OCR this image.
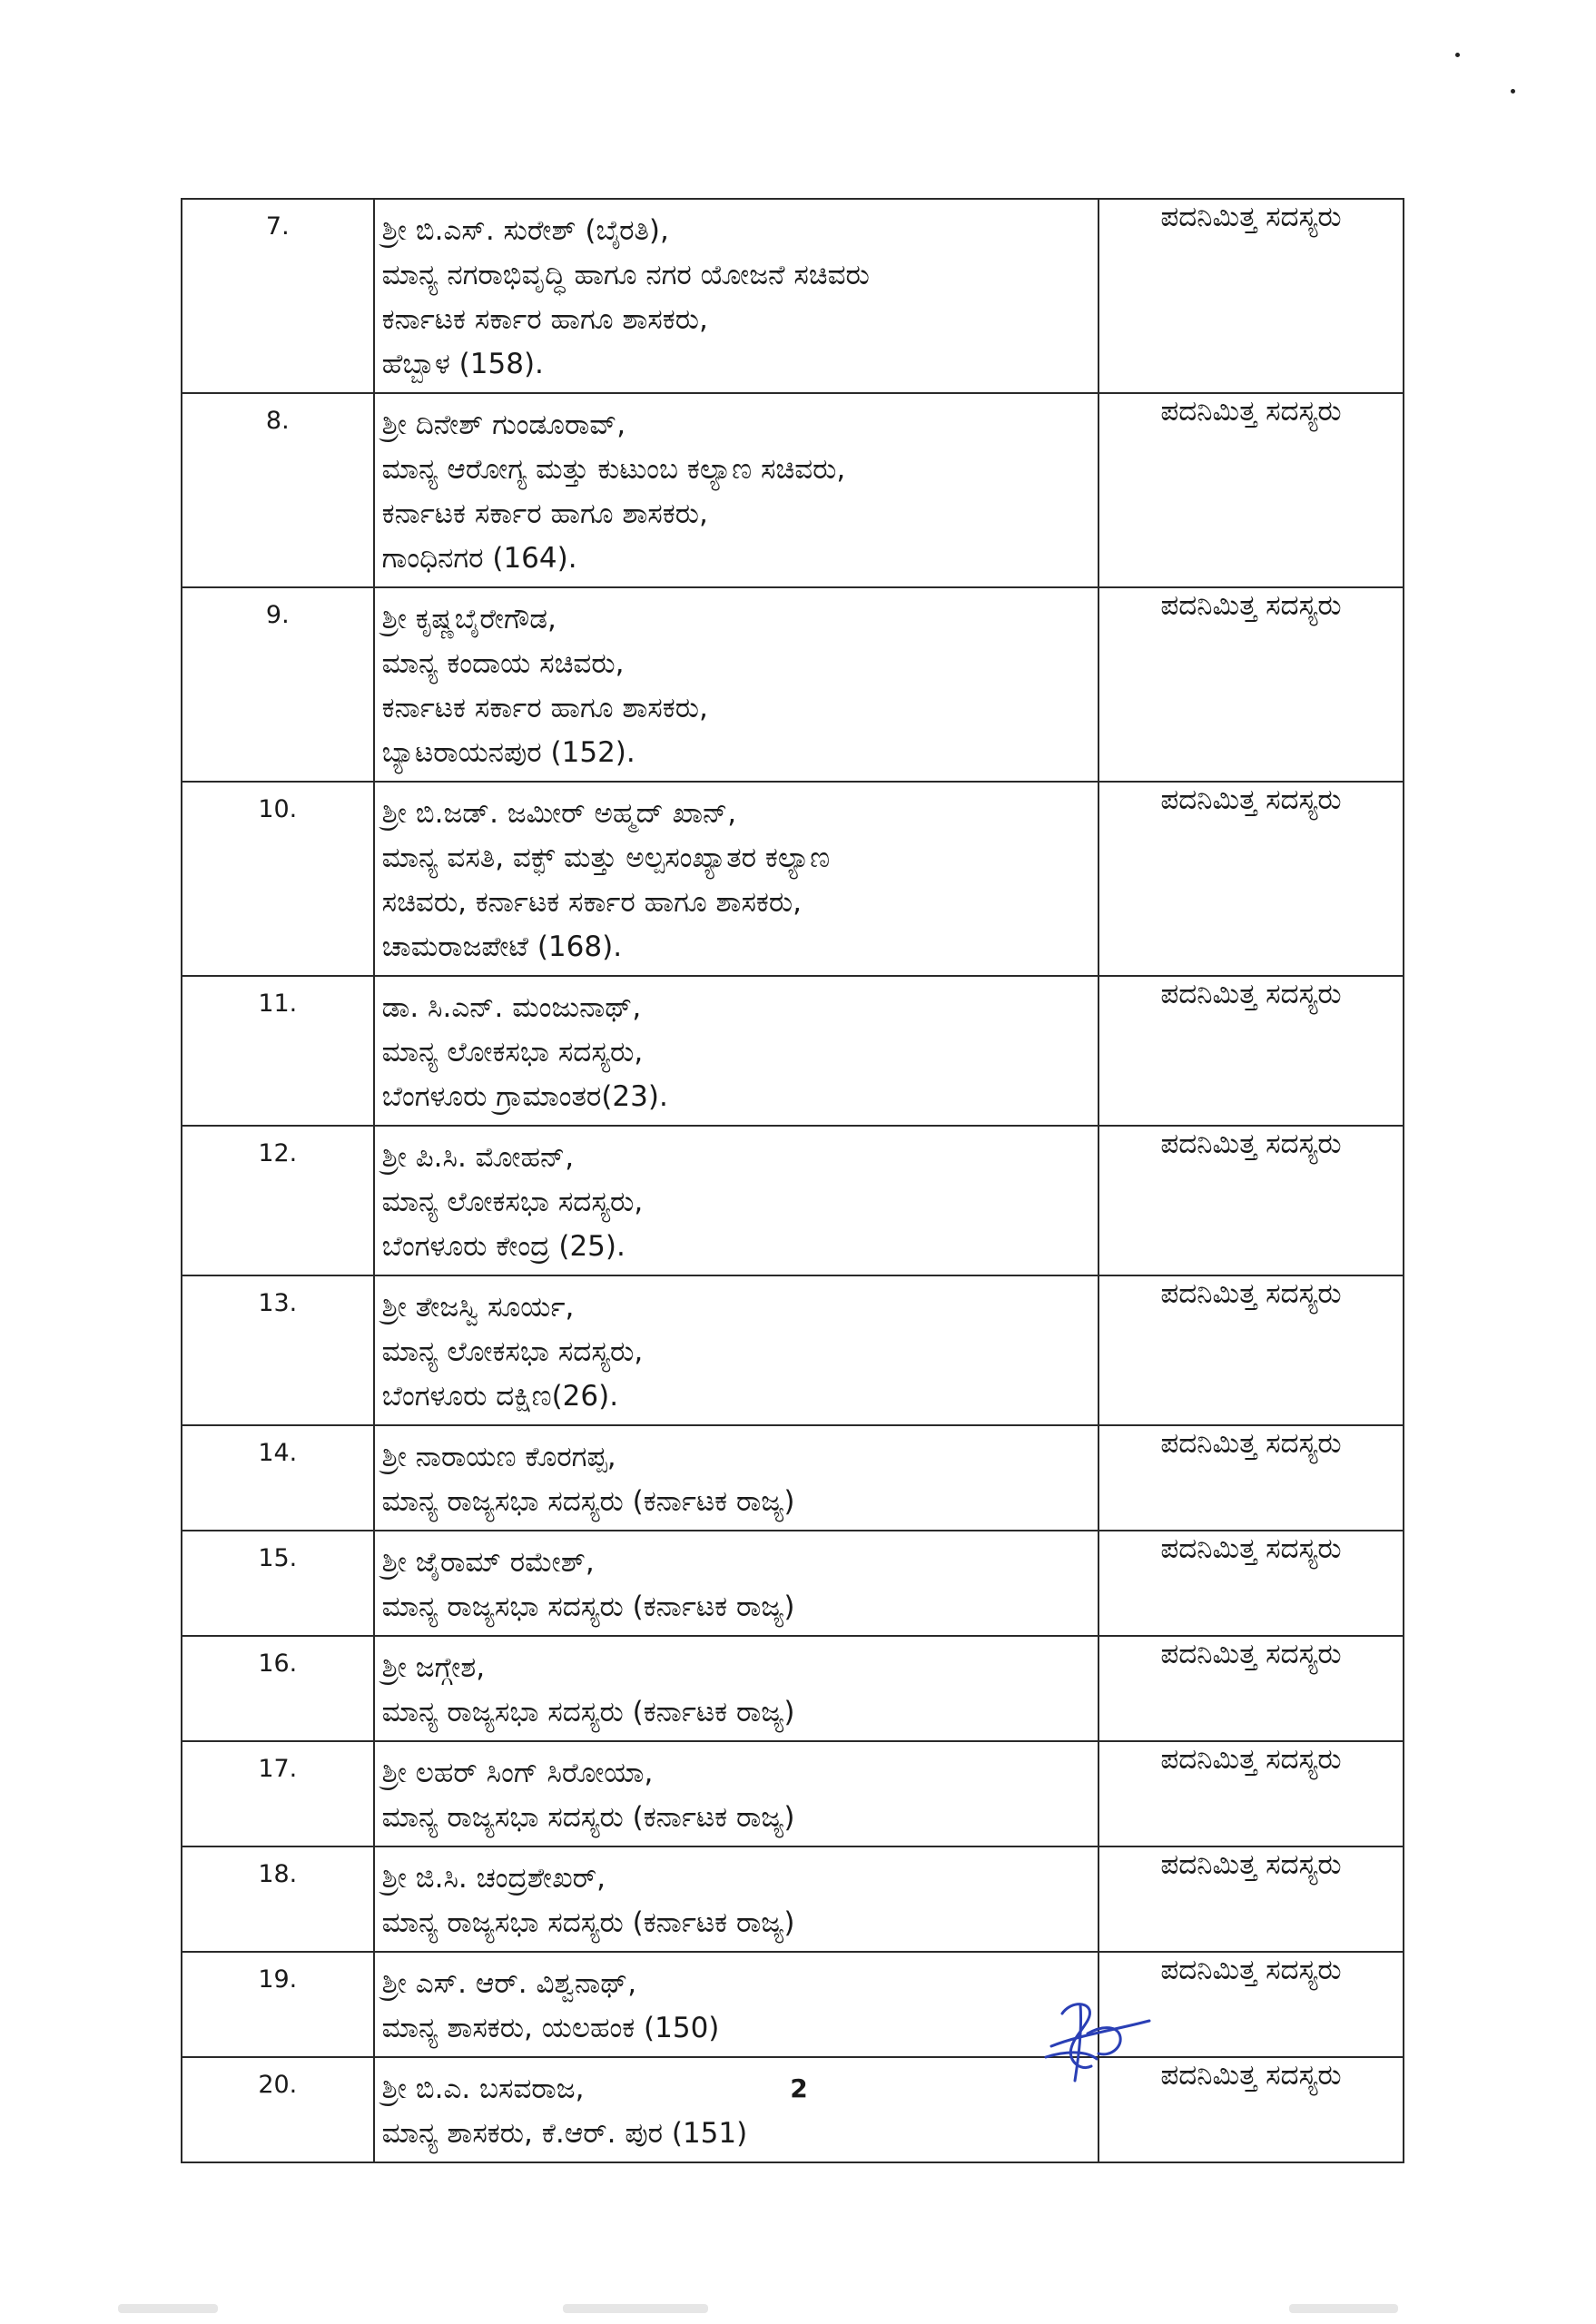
7.	ಶ್ರೀ ಬಿ.ಎಸ್. ಸುರೇಶ್ (ಬೈರತಿ),
ಮಾನ್ಯ ನಗರಾಭಿವೃದ್ಧಿ ಹಾಗೂ ನಗರ ಯೋಜನೆ ಸಚಿವರು
ಕರ್ನಾಟಕ ಸರ್ಕಾರ ಹಾಗೂ ಶಾಸಕರು,
ಹೆಬ್ಬಾಳ (158).	ಪದನಿಮಿತ್ತ ಸದಸ್ಯರು
8.	ಶ್ರೀ ದಿನೇಶ್ ಗುಂಡೂರಾವ್,
ಮಾನ್ಯ ಆರೋಗ್ಯ ಮತ್ತು ಕುಟುಂಬ ಕಲ್ಯಾಣ ಸಚಿವರು,
ಕರ್ನಾಟಕ ಸರ್ಕಾರ ಹಾಗೂ ಶಾಸಕರು,
ಗಾಂಧಿನಗರ (164).	ಪದನಿಮಿತ್ತ ಸದಸ್ಯರು
9.	ಶ್ರೀ ಕೃಷ್ಣಬೈರೇಗೌಡ,
ಮಾನ್ಯ ಕಂದಾಯ ಸಚಿವರು,
ಕರ್ನಾಟಕ ಸರ್ಕಾರ ಹಾಗೂ ಶಾಸಕರು,
ಬ್ಯಾಟರಾಯನಪುರ (152).	ಪದನಿಮಿತ್ತ ಸದಸ್ಯರು
10.	ಶ್ರೀ ಬಿ.ಜಡ್. ಜಮೀರ್ ಅಹ್ಮದ್ ಖಾನ್,
ಮಾನ್ಯ ವಸತಿ, ವಕ್ಫ್ ಮತ್ತು ಅಲ್ಪಸಂಖ್ಯಾತರ ಕಲ್ಯಾಣ
ಸಚಿವರು, ಕರ್ನಾಟಕ ಸರ್ಕಾರ ಹಾಗೂ ಶಾಸಕರು,
ಚಾಮರಾಜಪೇಟೆ (168).	ಪದನಿಮಿತ್ತ ಸದಸ್ಯರು
11.	ಡಾ. ಸಿ.ಎನ್. ಮಂಜುನಾಥ್,
ಮಾನ್ಯ ಲೋಕಸಭಾ ಸದಸ್ಯರು,
ಬೆಂಗಳೂರು ಗ್ರಾಮಾಂತರ(23).	ಪದನಿಮಿತ್ತ ಸದಸ್ಯರು
12.	ಶ್ರೀ ಪಿ.ಸಿ. ಮೋಹನ್,
ಮಾನ್ಯ ಲೋಕಸಭಾ ಸದಸ್ಯರು,
ಬೆಂಗಳೂರು ಕೇಂದ್ರ (25).	ಪದನಿಮಿತ್ತ ಸದಸ್ಯರು
13.	ಶ್ರೀ ತೇಜಸ್ವಿ ಸೂರ್ಯ,
ಮಾನ್ಯ ಲೋಕಸಭಾ ಸದಸ್ಯರು,
ಬೆಂಗಳೂರು ದಕ್ಷಿಣ(26).	ಪದನಿಮಿತ್ತ ಸದಸ್ಯರು
14.	ಶ್ರೀ ನಾರಾಯಣ ಕೊರಗಪ್ಪ,
ಮಾನ್ಯ ರಾಜ್ಯಸಭಾ ಸದಸ್ಯರು (ಕರ್ನಾಟಕ ರಾಜ್ಯ)	ಪದನಿಮಿತ್ತ ಸದಸ್ಯರು
15.	ಶ್ರೀ ಜೈರಾಮ್ ರಮೇಶ್,
ಮಾನ್ಯ ರಾಜ್ಯಸಭಾ ಸದಸ್ಯರು (ಕರ್ನಾಟಕ ರಾಜ್ಯ)	ಪದನಿಮಿತ್ತ ಸದಸ್ಯರು
16.	ಶ್ರೀ ಜಗ್ಗೇಶ,
ಮಾನ್ಯ ರಾಜ್ಯಸಭಾ ಸದಸ್ಯರು (ಕರ್ನಾಟಕ ರಾಜ್ಯ)	ಪದನಿಮಿತ್ತ ಸದಸ್ಯರು
17.	ಶ್ರೀ ಲಹರ್ ಸಿಂಗ್ ಸಿರೋಯಾ,
ಮಾನ್ಯ ರಾಜ್ಯಸಭಾ ಸದಸ್ಯರು (ಕರ್ನಾಟಕ ರಾಜ್ಯ)	ಪದನಿಮಿತ್ತ ಸದಸ್ಯರು
18.	ಶ್ರೀ ಜಿ.ಸಿ. ಚಂದ್ರಶೇಖರ್,
ಮಾನ್ಯ ರಾಜ್ಯಸಭಾ ಸದಸ್ಯರು (ಕರ್ನಾಟಕ ರಾಜ್ಯ)	ಪದನಿಮಿತ್ತ ಸದಸ್ಯರು
19.	ಶ್ರೀ ಎಸ್. ಆರ್. ವಿಶ್ವನಾಥ್,
ಮಾನ್ಯ ಶಾಸಕರು, ಯಲಹಂಕ (150)	ಪದನಿಮಿತ್ತ ಸದಸ್ಯರು
20.	ಶ್ರೀ ಬಿ.ಎ. ಬಸವರಾಜ,
ಮಾನ್ಯ ಶಾಸಕರು, ಕೆ.ಆರ್. ಪುರ (151)	ಪದನಿಮಿತ್ತ ಸದಸ್ಯರು
2
